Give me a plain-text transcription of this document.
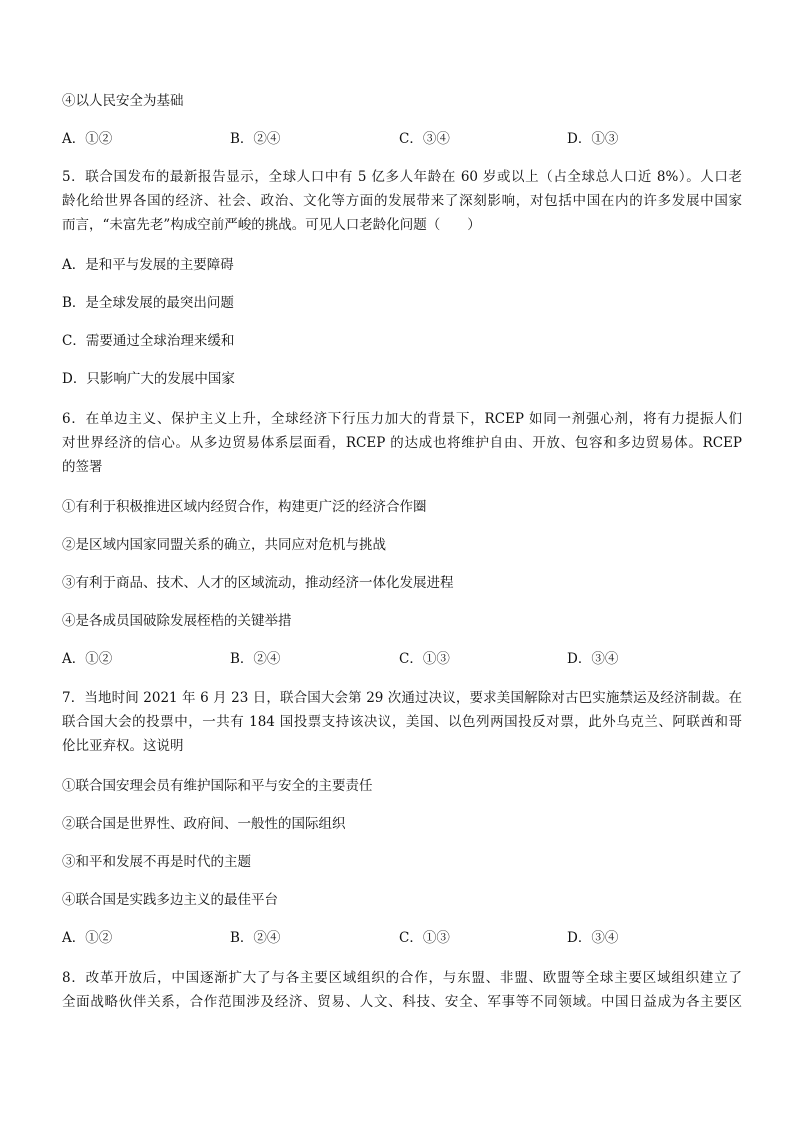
④以人民安全为基础
A．①②	B．②④	C．③④	D．①③
5．联合国发布的最新报告显示，全球人口中有 5 亿多人年龄在 60 岁或以上（占全球总人口近 8%）。人口老
龄化给世界各国的经济、社会、政治、文化等方面的发展带来了深刻影响，对包括中国在内的许多发展中国家
而言，“未富先老”构成空前严峻的挑战。可见人口老龄化问题（　　）
A．是和平与发展的主要障碍
B．是全球发展的最突出问题
C．需要通过全球治理来缓和
D．只影响广大的发展中国家
6．在单边主义、保护主义上升，全球经济下行压力加大的背景下，RCEP 如同一剂强心剂，将有力提振人们
对世界经济的信心。从多边贸易体系层面看，RCEP 的达成也将维护自由、开放、包容和多边贸易体。RCEP
的签署
①有利于积极推进区域内经贸合作，构建更广泛的经济合作圈
②是区域内国家同盟关系的确立，共同应对危机与挑战
③有利于商品、技术、人才的区域流动，推动经济一体化发展进程
④是各成员国破除发展桎梏的关键举措
A．①②	B．②④	C．①③	D．③④
7．当地时间 2021 年 6 月 23 日，联合国大会第 29 次通过决议，要求美国解除对古巴实施禁运及经济制裁。在
联合国大会的投票中，一共有 184 国投票支持该决议，美国、以色列两国投反对票，此外乌克兰、阿联酋和哥
伦比亚弃权。这说明
①联合国安理会员有维护国际和平与安全的主要责任
②联合国是世界性、政府间、一般性的国际组织
③和平和发展不再是时代的主题
④联合国是实践多边主义的最佳平台
A．①②	B．②④	C．①③	D．③④
8．改革开放后，中国逐渐扩大了与各主要区域组织的合作，与东盟、非盟、欧盟等全球主要区域组织建立了
全面战略伙伴关系，合作范围涉及经济、贸易、人文、科技、安全、军事等不同领域。中国日益成为各主要区
